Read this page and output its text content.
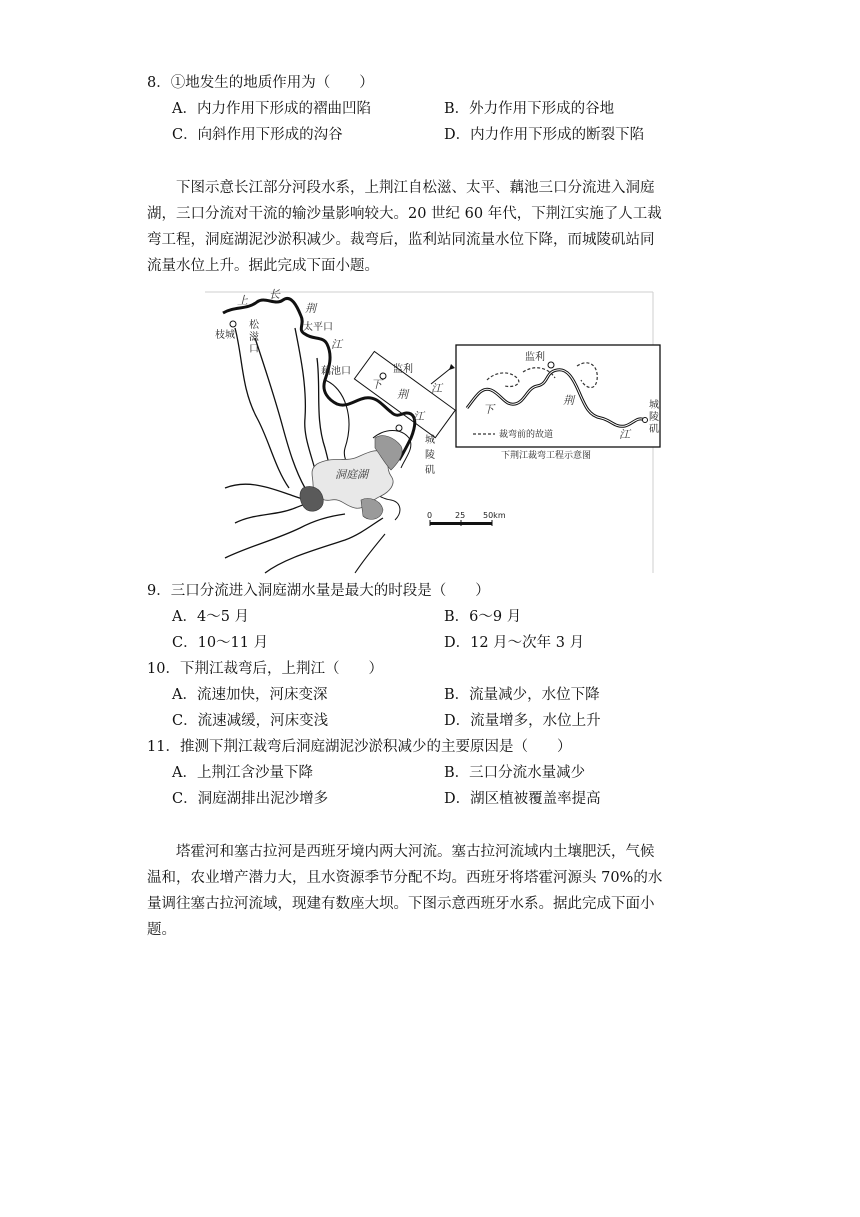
8．①地发生的地质作用为（　　）
A．内力作用下形成的褶曲凹陷	B．外力作用下形成的谷地
C．向斜作用下形成的沟谷	D．内力作用下形成的断裂下陷

下图示意长江部分河段水系，上荆江自松滋、太平、藕池三口分流进入洞庭

湖，三口分流对干流的输沙量影响较大。20 世纪 60 年代，下荆江实施了人工裁

弯工程，洞庭湖泥沙淤积减少。裁弯后，监利站同流量水位下降，而城陵矶站同

流量水位上升。据此完成下面小题。

上 长
荆
江
枝城
松
滋
口
太平口
藕池口	监利
下
荆
江
江
城
陵
矶
洞庭湖
0	25 50km
监利
下
荆
江
城
陵
矶
裁弯前的故道
下荆江裁弯工程示意图
9．三口分流进入洞庭湖水量是最大的时段是（　　）
A．4～5 月	B．6～9 月
C．10～11 月	D．12 月～次年 3 月
10．下荆江裁弯后，上荆江（　　）
A．流速加快，河床变深	B．流量减少，水位下降
C．流速减缓，河床变浅	D．流量增多，水位上升
11．推测下荆江裁弯后洞庭湖泥沙淤积减少的主要原因是（　　）
A．上荆江含沙量下降	B．三口分流水量减少
C．洞庭湖排出泥沙增多	D．湖区植被覆盖率提高

塔霍河和塞古拉河是西班牙境内两大河流。塞古拉河流域内土壤肥沃，气候

温和，农业增产潜力大，且水资源季节分配不均。西班牙将塔霍河源头 70%的水

量调往塞古拉河流域，现建有数座大坝。下图示意西班牙水系。据此完成下面小

题。
